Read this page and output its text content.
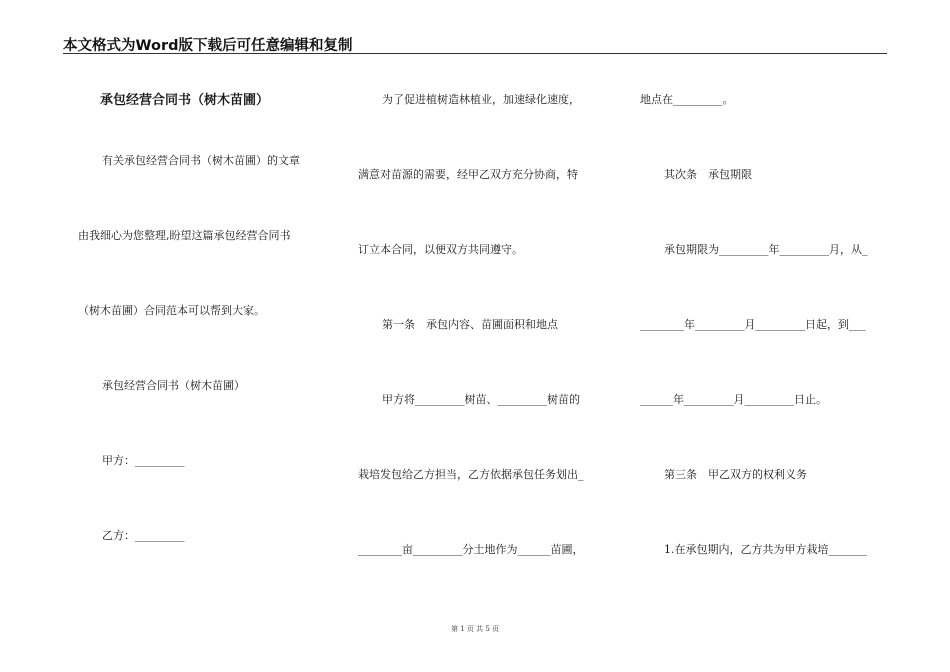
本文格式为Word版下载后可任意编辑和复制
承包经营合同书（树木苗圃）
有关承包经营合同书（树木苗圃）的文章
由我细心为您整理,盼望这篇承包经营合同书
（树木苗圃）合同范本可以帮到大家。
承包经营合同书（树木苗圃）
甲方：_________
乙方：_________
为了促进植树造林植业，加速绿化速度，
满意对苗源的需要，经甲乙双方充分协商，特
订立本合同，以便双方共同遵守。
第一条　承包内容、苗圃面积和地点
甲方将_________树苗、_________树苗的
栽培发包给乙方担当，乙方依据承包任务划出_
________亩_________分土地作为______苗圃，
地点在_________。
其次条　承包期限
承包期限为_________年_________月，从_
________年_________月_________日起，到___
______年_________月_________日止。
第三条　甲乙双方的权利义务
1.在承包期内，乙方共为甲方栽培_______
第 1 页 共 5 页
